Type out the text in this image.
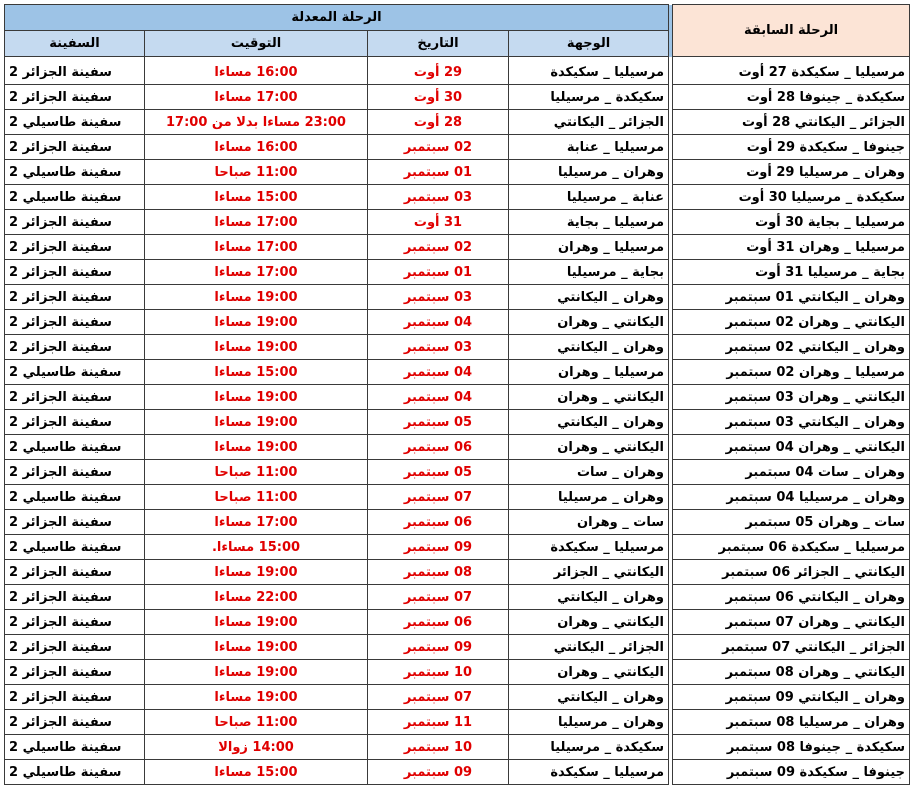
الرحلة المعدلة					الرحلة السابقة
السفينة	التوقيت	التاريخ	الوجهة		
سفينة الجزائر 2	16:00 مساءا	29 أوت	مرسيليا _ سكيكدة		مرسيليا _ سكيكدة 27 أوت
سفينة الجزائر 2	17:00 مساءا	30 أوت	سكيكدة _ مرسيليا		سكيكدة _ جينوفا 28 أوت
سفينة طاسيلي 2	23:00 مساءا بدلا من 17:00	28 أوت	الجزائر _ اليكانتي		الجزائر _ اليكانتي 28 أوت
سفينة الجزائر 2	16:00 مساءا	02 سبتمبر	مرسيليا _ عنابة		جينوفا _ سكيكدة 29 أوت
سفينة طاسيلي 2	11:00 صباحا	01 سبتمبر	وهران _ مرسيليا		وهران _ مرسيليا 29 أوت
سفينة طاسيلي 2	15:00 مساءا	03 سبتمبر	عنابة _ مرسيليا		سكيكدة _ مرسيليا 30 أوت
سفينة الجزائر 2	17:00 مساءا	31 أوت	مرسيليا _ بجاية		مرسيليا _ بجاية 30 أوت
سفينة الجزائر 2	17:00 مساءا	02 سبتمبر	مرسيليا _ وهران		مرسيليا _ وهران 31 أوت
سفينة الجزائر 2	17:00 مساءا	01 سبتمبر	بجاية _ مرسيليا		بجاية _ مرسيليا 31 أوت
سفينة الجزائر 2	19:00 مساءا	03 سبتمبر	وهران _ اليكانتي		وهران _ اليكانتي 01 سبتمبر
سفينة الجزائر 2	19:00 مساءا	04 سبتمبر	اليكانتي _ وهران		اليكانتي _ وهران 02 سبتمبر
سفينة الجزائر 2	19:00 مساءا	03 سبتمبر	وهران _ اليكانتي		وهران _ اليكانتي 02 سبتمبر
سفينة طاسيلي 2	15:00 مساءا	04 سبتمبر	مرسيليا _ وهران		مرسيليا _ وهران 02 سبتمبر
سفينة الجزائر 2	19:00 مساءا	04 سبتمبر	اليكانتي _ وهران		اليكانتي _ وهران 03 سبتمبر
سفينة الجزائر 2	19:00 مساءا	05 سبتمبر	وهران _ اليكانتي		وهران _ اليكانتي 03 سبتمبر
سفينة طاسيلي 2	19:00 مساءا	06 سبتمبر	اليكانتي _ وهران		اليكانتي _ وهران 04 سبتمبر
سفينة الجزائر 2	11:00 صباحا	05 سبتمبر	وهران _ سات		وهران _ سات 04 سبتمبر
سفينة طاسيلي 2	11:00 صباحا	07 سبتمبر	وهران _ مرسيليا		وهران _ مرسيليا 04 سبتمبر
سفينة الجزائر 2	17:00 مساءا	06 سبتمبر	سات _ وهران		سات _ وهران 05 سبتمبر
سفينة طاسيلي 2	15:00 مساءا.	09 سبتمبر	مرسيليا _ سكيكدة		مرسيليا _ سكيكدة 06 سبتمبر
سفينة الجزائر 2	19:00 مساءا	08 سبتمبر	اليكانتي _ الجزائر		اليكانتي _ الجزائر 06 سبتمبر
سفينة الجزائر 2	22:00 مساءا	07 سبتمبر	وهران _ اليكانتي		وهران _ اليكانتي 06 سبتمبر
سفينة الجزائر 2	19:00 مساءا	06 سبتمبر	اليكانتي _ وهران		اليكانتي _ وهران 07 سبتمبر
سفينة الجزائر 2	19:00 مساءا	09 سبتمبر	الجزائر _ اليكانتي		الجزائر _ اليكانتي 07 سبتمبر
سفينة الجزائر 2	19:00 مساءا	10 سبتمبر	اليكانتي _ وهران		اليكانتي _ وهران 08 سبتمبر
سفينة الجزائر 2	19:00 مساءا	07 سبتمبر	وهران _ اليكانتي		وهران _ اليكانتي 09 سبتمبر
سفينة الجزائر 2	11:00 صباحا	11 سبتمبر	وهران _ مرسيليا		وهران _ مرسيليا 08 سبتمبر
سفينة طاسيلي 2	14:00 زوالا	10 سبتمبر	سكيكدة _ مرسيليا		سكيكدة _ جينوفا 08 سبتمبر
سفينة طاسيلي 2	15:00 مساءا	09 سبتمبر	مرسيليا _ سكيكدة		جينوفا _ سكيكدة 09 سبتمبر
